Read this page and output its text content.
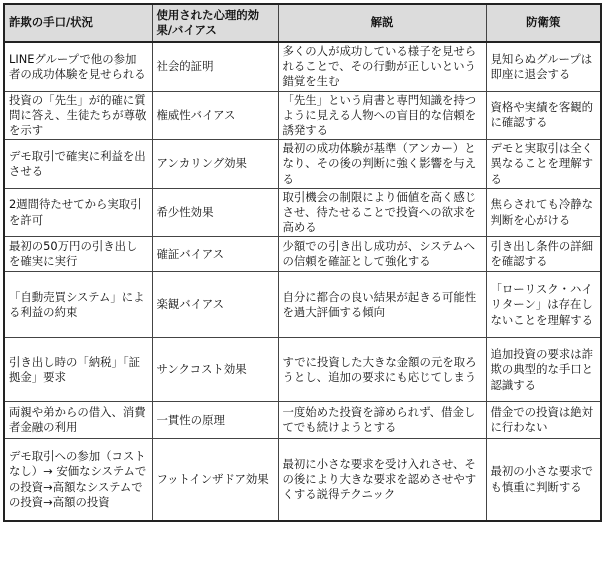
詐欺の手口/状況	使用された心理的効果/バイアス	解説	防衛策
LINEグループで他の参加者の成功体験を見せられる	社会的証明	多くの人が成功している様子を見せられることで、その行動が正しいという錯覚を生む	見知らぬグループは即座に退会する
投資の「先生」が的確に質問に答え、生徒たちが尊敬を示す	権威性バイアス	「先生」という肩書と専門知識を持つように見える人物への盲目的な信頼を誘発する	資格や実績を客観的に確認する
デモ取引で確実に利益を出させる	アンカリング効果	最初の成功体験が基準（アンカー）となり、その後の判断に強く影響を与える	デモと実取引は全く異なることを理解する
2週間待たせてから実取引を許可	希少性効果	取引機会の制限により価値を高く感じさせ、待たせることで投資への欲求を高める	焦らされても冷静な判断を心がける
最初の50万円の引き出しを確実に実行	確証バイアス	少額での引き出し成功が、システムへの信頼を確証として強化する	引き出し条件の詳細を確認する
「自動売買システム」による利益の約束	楽観バイアス	自分に都合の良い結果が起きる可能性を過大評価する傾向	「ローリスク・ハイリターン」は存在しないことを理解する
引き出し時の「納税」「証拠金」要求	サンクコスト効果	すでに投資した大きな金額の元を取ろうとし、追加の要求にも応じてしまう	追加投資の要求は詐欺の典型的な手口と認識する
両親や弟からの借入、消費者金融の利用	一貫性の原理	一度始めた投資を諦められず、借金してでも続けようとする	借金での投資は絶対に行わない
デモ取引への参加（コストなし）→ 安価なシステムでの投資→高額なシステムでの投資→高額の投資	フットインザドア効果	最初に小さな要求を受け入れさせ、その後により大きな要求を認めさせやすくする説得テクニック	最初の小さな要求でも慎重に判断する
